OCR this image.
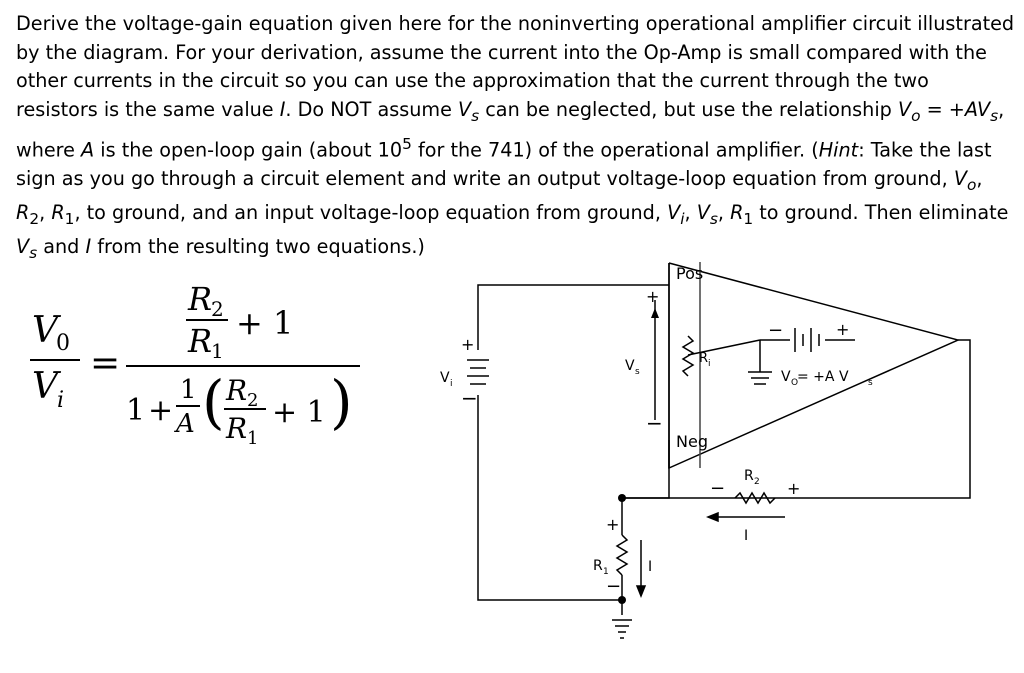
Derive the voltage-gain equation given here for the noninverting operational amplifier circuit illustrated by the diagram. For your derivation, assume the current into the Op-Amp is small compared with the other currents in the circuit so you can use the approximation that the current through the two resistors is the same value I. Do NOT assume $V_s$ can be neglected, but use the relationship $V_o = +AV_s$, where A is the open-loop gain (about $10^5$ for the 741) of the operational amplifier. (Hint: Take the last sign as you go through a circuit element and write an output voltage-loop equation from ground, $V_o$, $R_2$, $R_1$, to ground, and an input voltage-loop equation from ground, $V_i$, $V_s$, $R_1$ to ground. Then eliminate $V_s$ and I from the resulting two equations.)
V
0
V i
=
R
2
R
1
+ 1
1 +
1
A ( R 2
R 1
+ 1 )
Pos
Neg
R i
V i
+
−
V s
+
−
V O
= +A V s
+
−
R 2
−	+
I
R 1
+
−
I
